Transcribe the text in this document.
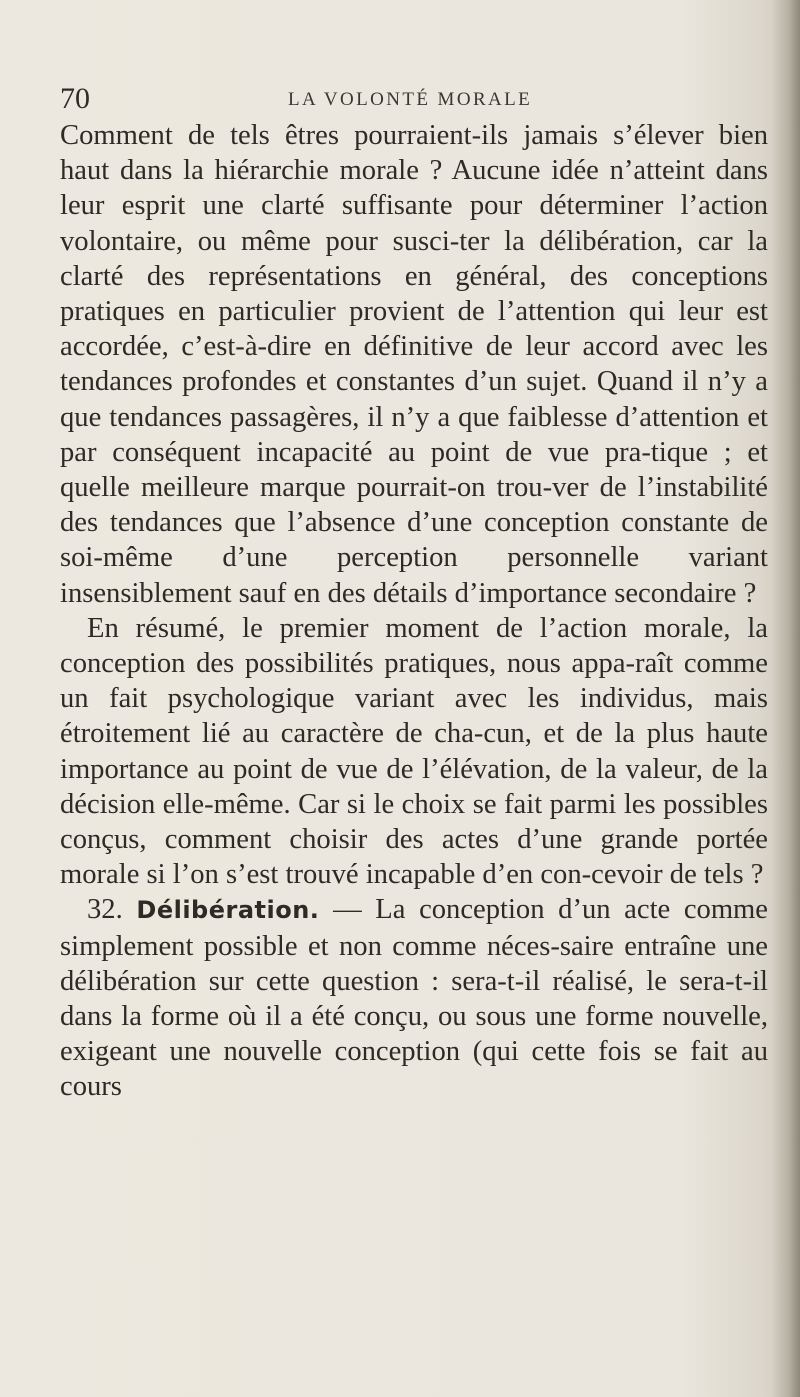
70	LA VOLONTÉ MORALE

Comment de tels êtres pourraient-ils jamais s’élever bien haut dans la hiérarchie morale ? Aucune idée n’atteint dans leur esprit une clarté suffisante pour déterminer l’action volontaire, ou même pour susci-ter la délibération, car la clarté des représentations en général, des conceptions pratiques en particulier provient de l’attention qui leur est accordée, c’est-à-dire en définitive de leur accord avec les tendances profondes et constantes d’un sujet. Quand il n’y a que tendances passagères, il n’y a que faiblesse d’attention et par conséquent incapacité au point de vue pra-tique ; et quelle meilleure marque pourrait-on trou-ver de l’instabilité des tendances que l’absence d’une conception constante de soi-même d’une perception personnelle variant insensiblement sauf en des détails d’importance secondaire ?

En résumé, le premier moment de l’action morale, la conception des possibilités pratiques, nous appa-raît comme un fait psychologique variant avec les individus, mais étroitement lié au caractère de cha-cun, et de la plus haute importance au point de vue de l’élévation, de la valeur, de la décision elle-même. Car si le choix se fait parmi les possibles conçus, comment choisir des actes d’une grande portée morale si l’on s’est trouvé incapable d’en con-cevoir de tels ?

32. Délibération. — La conception d’un acte comme simplement possible et non comme néces-saire entraîne une délibération sur cette question : sera-t-il réalisé, le sera-t-il dans la forme où il a été conçu, ou sous une forme nouvelle, exigeant une nouvelle conception (qui cette fois se fait au cours
